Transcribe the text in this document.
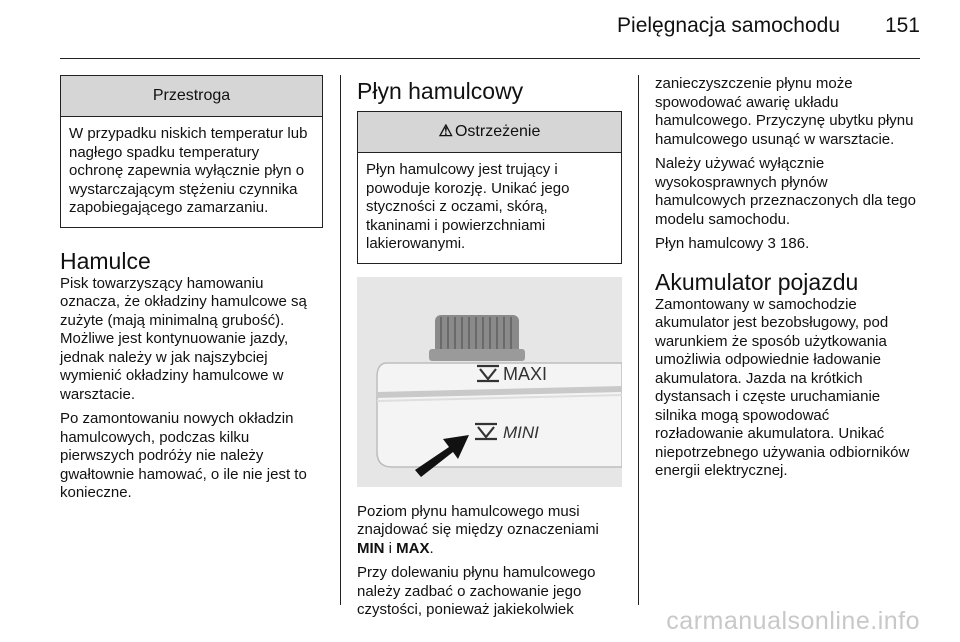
Pielęgnacja samochodu 151
Przestroga
W przypadku niskich temperatur lub nagłego spadku temperatury ochronę zapewnia wyłącznie płyn o wystarczającym stężeniu czynnika zapobiegającego zamarzaniu.
Hamulce

Pisk towarzyszący hamowaniu oznacza, że okładziny hamulcowe są zużyte (mają minimalną grubość). Możliwe jest kontynuowanie jazdy, jednak należy w jak najszybciej wymienić okładziny hamulcowe w warsztacie.

Po zamontowaniu nowych okładzin hamulcowych, podczas kilku pierwszych podróży nie należy gwałtownie hamować, o ile nie jest to konieczne.

Płyn hamulcowy
⚠ Ostrzeżenie
Płyn hamulcowy jest trujący i powoduje korozję. Unikać jego styczności z oczami, skórą, tkaninami i powierzchniami lakierowanymi.
MAXI
MINI

Poziom płynu hamulcowego musi znajdować się między oznaczeniami MIN i MAX.

Przy dolewaniu płynu hamulcowego należy zadbać o zachowanie jego czystości, ponieważ jakiekolwiek

zanieczyszczenie płynu może spowodować awarię układu hamulcowego. Przyczynę ubytku płynu hamulcowego usunąć w warsztacie.

Należy używać wyłącznie wysokosprawnych płynów hamulcowych przeznaczonych dla tego modelu samochodu.

Płyn hamulcowy 3 186.

Akumulator pojazdu

Zamontowany w samochodzie akumulator jest bezobsługowy, pod warunkiem że sposób użytkowania umożliwia odpowiednie ładowanie akumulatora. Jazda na krótkich dystansach i częste uruchamianie silnika mogą spowodować rozładowanie akumulatora. Unikać niepotrzebnego używania odbiorników energii elektrycznej.

carmanualsonline.info
